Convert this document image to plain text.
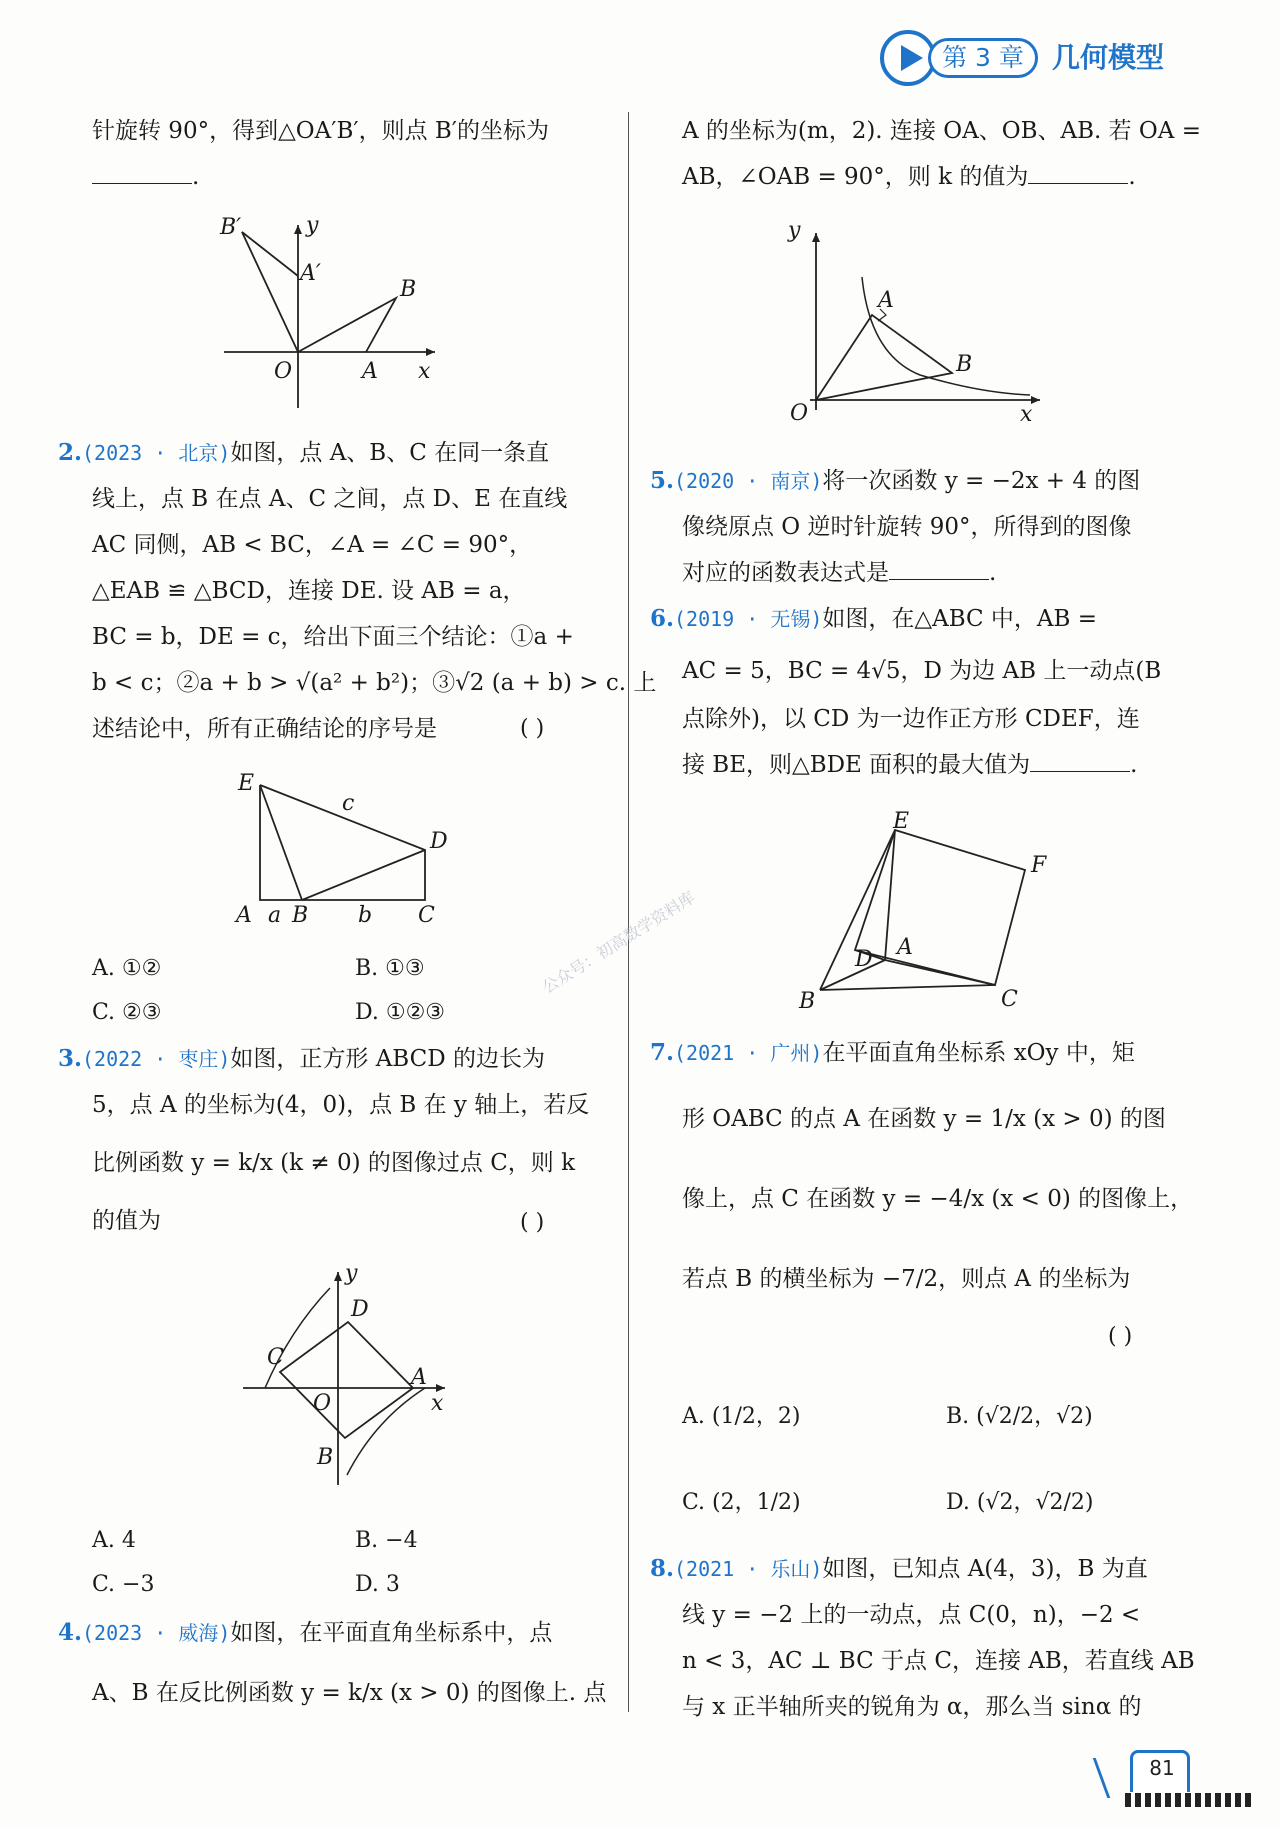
第 3 章	几何模型
针旋转 90°，得到△OA′B′，则点 B′的坐标为
.
B′	y
A′
B
O	A x
2.(2023 · 北京)如图，点 A、B、C 在同一条直
线上，点 B 在点 A、C 之间，点 D、E 在直线
AC 同侧，AB < BC，∠A = ∠C = 90°，
△EAB ≌ △BCD，连接 DE. 设 AB = a，
BC = b，DE = c，给出下面三个结论：①a +
b < c；②a + b > √(a² + b²)；③√2 (a + b) > c. 上
述结论中，所有正确结论的序号是	( )
E
c
D
A a B b C
A. ①②	B. ①③
C. ②③	D. ①②③
3.(2022 · 枣庄)如图，正方形 ABCD 的边长为
5，点 A 的坐标为(4，0)，点 B 在 y 轴上，若反
比例函数 y = k/x (k ≠ 0) 的图像过点 C，则 k
的值为	( )
y
D
C
O
A
x
B
A. 4	B. −4
C. −3	D. 3
4.(2023 · 威海)如图，在平面直角坐标系中，点
A、B 在反比例函数 y = k/x (x > 0) 的图像上. 点
A 的坐标为(m，2). 连接 OA、OB、AB. 若 OA =
AB，∠OAB = 90°，则 k 的值为	.
y
A
B
O	x
5.(2020 · 南京)将一次函数 y = −2x + 4 的图
像绕原点 O 逆时针旋转 90°，所得到的图像
对应的函数表达式是	.
6.(2019 · 无锡)如图，在△ABC 中，AB =
AC = 5，BC = 4√5，D 为边 AB 上一动点(B
点除外)，以 CD 为一边作正方形 CDEF，连
接 BE，则△BDE 面积的最大值为	.
E
F
A
D
B	C
7.(2021 · 广州)在平面直角坐标系 xOy 中，矩
形 OABC 的点 A 在函数 y = 1/x (x > 0) 的图
像上，点 C 在函数 y = −4/x (x < 0) 的图像上，
若点 B 的横坐标为 −7/2，则点 A 的坐标为
( )
A. (1/2，2)	B. (√2/2，√2)
C. (2，1/2)	D. (√2，√2/2)
8.(2021 · 乐山)如图，已知点 A(4，3)，B 为直
线 y = −2 上的一动点，点 C(0，n)，−2 <
n < 3，AC ⊥ BC 于点 C，连接 AB，若直线 AB
与 x 正半轴所夹的锐角为 α，那么当 sinα 的
公众号：初高数学资料库
81
